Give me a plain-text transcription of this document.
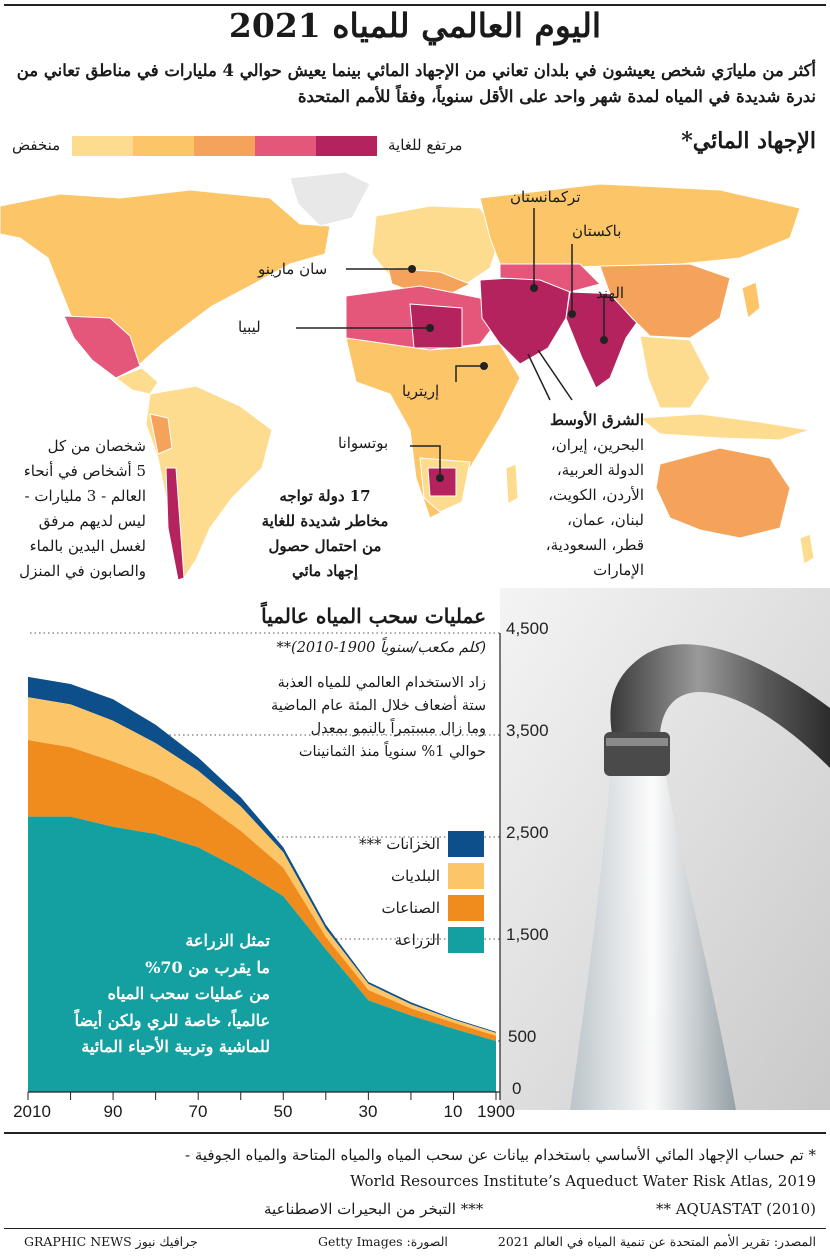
اليوم العالمي للمياه 2021
أكثر من مليارَي شخص يعيشون في بلدان تعاني من الإجهاد المائي بينما يعيش حوالي 4 مليارات في مناطق تعاني من ندرة شديدة في المياه لمدة شهر واحد على الأقل سنوياً، وفقاً للأمم المتحدة
الإجهاد المائي*
مرتفع للغاية
منخفض
تركمانستان
باكستان
الهند
سان مارينو
ليبيا
إريتريا
بوتسوانا
الشرق الأوسط
البحرين، إيران،
الدولة العربية،
الأردن، الكويت،
لبنان، عمان،
قطر، السعودية،
الإمارات
شخصان من كل
5 أشخاص في أنحاء
العالم - 3 مليارات -
ليس لديهم مرفق
لغسل اليدين بالماء
والصابون في المنزل
17 دولة تواجه
مخاطر شديدة للغاية
من احتمال حصول
إجهاد مائي
عمليات سحب المياه عالمياً
(كلم مكعب/سنوياً 1900-2010)**
زاد الاستخدام العالمي للمياه العذبة
ستة أضعاف خلال المئة عام الماضية
وما زال مستمراً بالنمو بمعدل
حوالي 1% سنوياً منذ الثمانينات
0
500
1,500
2,500
3,500
4,500
1900
10
30
50
70
90
2010
الخزانات ***
البلديات
الصناعات
الزراعة
تمثل الزراعة
ما يقرب من 70%
من عمليات سحب المياه
عالمياً، خاصة للري ولكن أيضاً
للماشية وتربية الأحياء المائية
* تم حساب الإجهاد المائي الأساسي باستخدام بيانات عن سحب المياه والمياه المتاحة والمياه الجوفية -
World Resources Institute’s Aqueduct Water Risk Atlas, 2019
** AQUASTAT (2010)
*** التبخر من البحيرات الاصطناعية
المصدر: تقرير الأمم المتحدة عن تنمية المياه في العالم 2021
الصورة: Getty Images
GRAPHIC NEWS جرافيك نيوز
